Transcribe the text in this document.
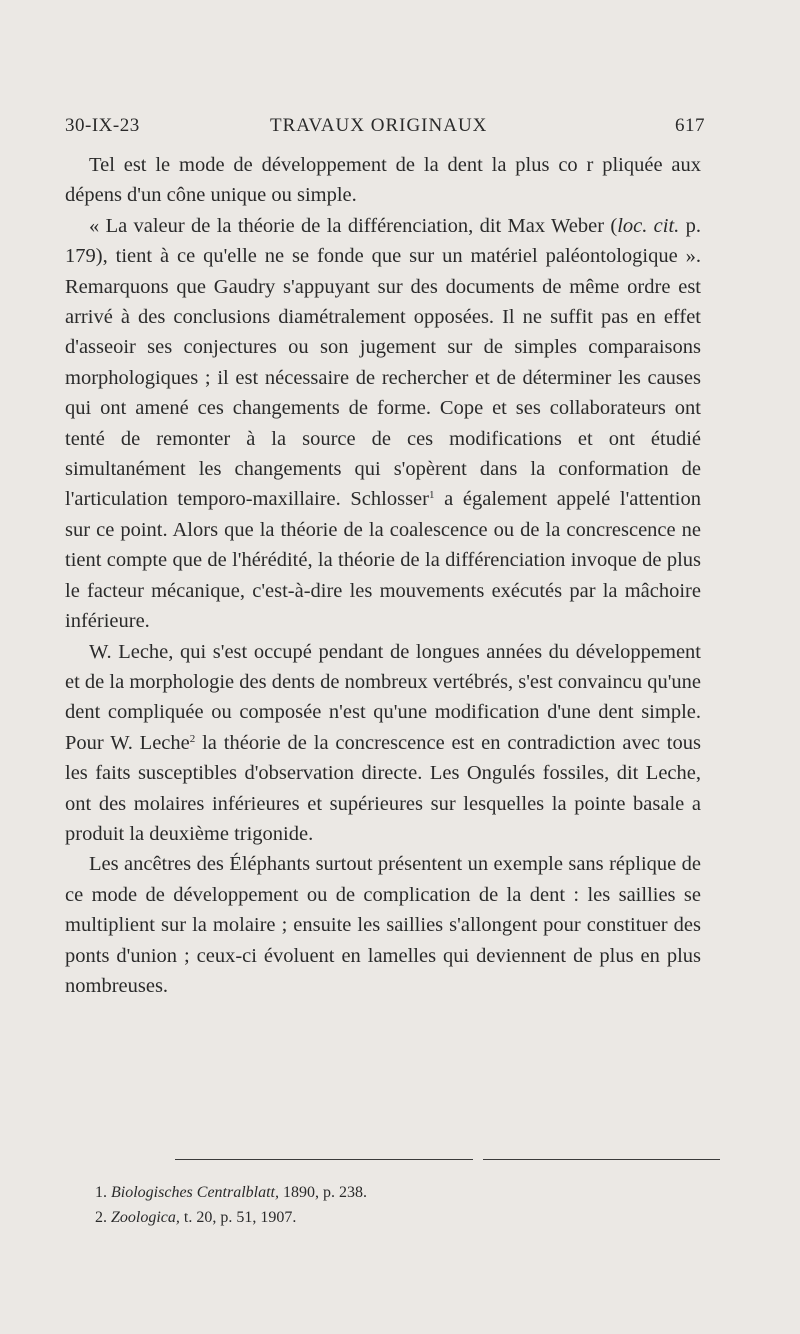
30-IX-23	TRAVAUX ORIGINAUX	617

Tel est le mode de développement de la dent la plus co r pliquée aux dépens d'un cône unique ou simple.

« La valeur de la théorie de la différenciation, dit Max Weber (loc. cit. p. 179), tient à ce qu'elle ne se fonde que sur un matériel paléontologique ». Remarquons que Gaudry s'appuyant sur des documents de même ordre est arrivé à des conclusions diamétralement opposées. Il ne suffit pas en effet d'asseoir ses conjectures ou son jugement sur de simples comparaisons morphologiques ; il est nécessaire de rechercher et de déterminer les causes qui ont amené ces changements de forme. Cope et ses collaborateurs ont tenté de remonter à la source de ces modifications et ont étudié simultanément les changements qui s'opèrent dans la conformation de l'articulation temporo-maxillaire. Schlosser$^1$ a également appelé l'attention sur ce point. Alors que la théorie de la coalescence ou de la concrescence ne tient compte que de l'hérédité, la théorie de la différenciation invoque de plus le facteur mécanique, c'est-à-dire les mouvements exécutés par la mâchoire inférieure.

W. Leche, qui s'est occupé pendant de longues années du développement et de la morphologie des dents de nombreux vertébrés, s'est convaincu qu'une dent compliquée ou composée n'est qu'une modification d'une dent simple. Pour W. Leche$^2$ la théorie de la concrescence est en contradiction avec tous les faits susceptibles d'observation directe. Les Ongulés fossiles, dit Leche, ont des molaires inférieures et supérieures sur lesquelles la pointe basale a produit la deuxième trigonide.

Les ancêtres des Éléphants surtout présentent un exemple sans réplique de ce mode de développement ou de complication de la dent : les saillies se multiplient sur la molaire ; ensuite les saillies s'allongent pour constituer des ponts d'union ; ceux-ci évoluent en lamelles qui deviennent de plus en plus nombreuses.

1. Biologisches Centralblatt, 1890, p. 238.
2. Zoologica, t. 20, p. 51, 1907.
